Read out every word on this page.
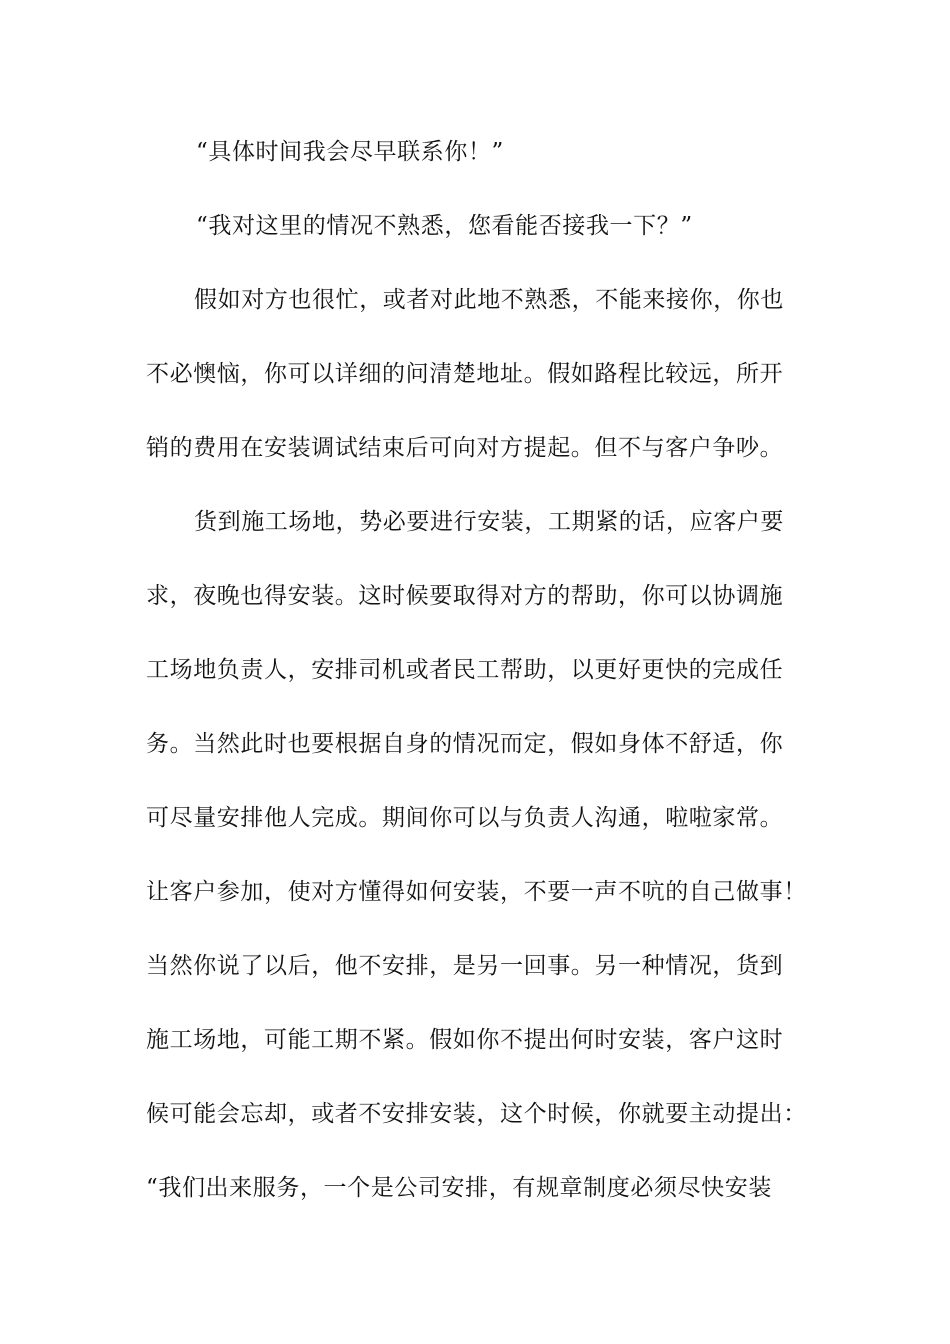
“具体时间我会尽早联系你！”
“我对这里的情况不熟悉，您看能否接我一下？”
假如对方也很忙，或者对此地不熟悉，不能来接你，你也
不必懊恼，你可以详细的问清楚地址。假如路程比较远，所开
销的费用在安装调试结束后可向对方提起。但不与客户争吵。
货到施工场地，势必要进行安装，工期紧的话，应客户要
求，夜晚也得安装。这时候要取得对方的帮助，你可以协调施
工场地负责人，安排司机或者民工帮助，以更好更快的完成任
务。当然此时也要根据自身的情况而定，假如身体不舒适，你
可尽量安排他人完成。期间你可以与负责人沟通，啦啦家常。
让客户参加，使对方懂得如何安装，不要一声不吭的自己做事！
当然你说了以后，他不安排，是另一回事。另一种情况，货到
施工场地，可能工期不紧。假如你不提出何时安装，客户这时
候可能会忘却，或者不安排安装，这个时候，你就要主动提出：
“我们出来服务，一个是公司安排，有规章制度必须尽快安装
